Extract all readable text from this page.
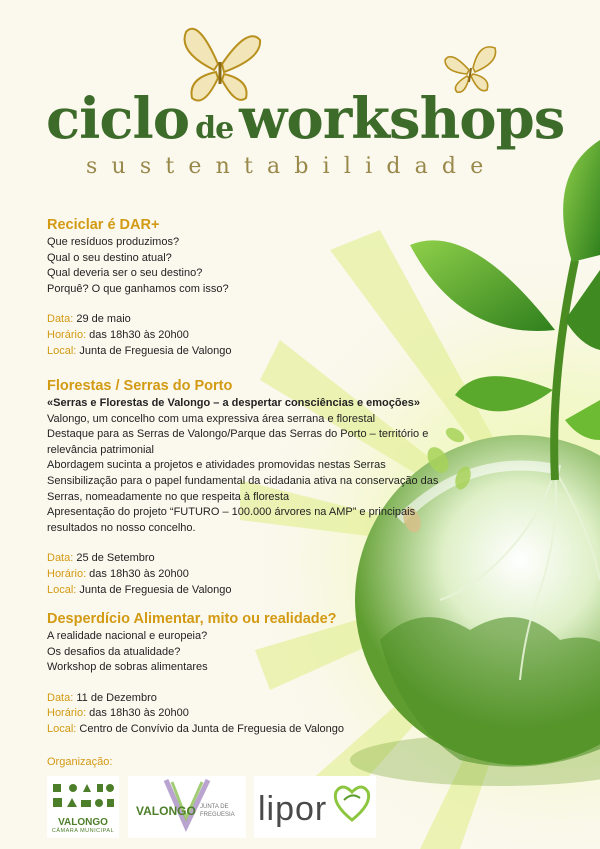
ciclo de workshops
sustentabilidade
Reciclar é DAR+
Que resíduos produzimos?
Qual o seu destino atual?
Qual deveria ser o seu destino?
Porquê? O que ganhamos com isso?
Data: 29 de maio
Horário: das 18h30 às 20h00
Local: Junta de Freguesia de Valongo
Florestas / Serras do Porto
«Serras e Florestas de Valongo – a despertar consciências e emoções»
Valongo, um concelho com uma expressiva área serrana e florestal
Destaque para as Serras de Valongo/Parque das Serras do Porto – território e
relevância patrimonial
Abordagem sucinta a projetos e atividades promovidas nestas Serras
Sensibilização para o papel fundamental da cidadania ativa na conservação das
Serras, nomeadamente no que respeita à floresta
Apresentação do projeto “FUTURO – 100.000 árvores na AMP” e principais
resultados no nosso concelho.
Data: 25 de Setembro
Horário: das 18h30 às 20h00
Local: Junta de Freguesia de Valongo
Desperdício Alimentar, mito ou realidade?
A realidade nacional e europeia?
Os desafios da atualidade?
Workshop de sobras alimentares
Data: 11 de Dezembro
Horário: das 18h30 às 20h00
Local: Centro de Convívio da Junta de Freguesia de Valongo
Organização:
VALONGO
CÂMARA MUNICIPAL
VALONGO JUNTA DE
FREGUESIA lipor
